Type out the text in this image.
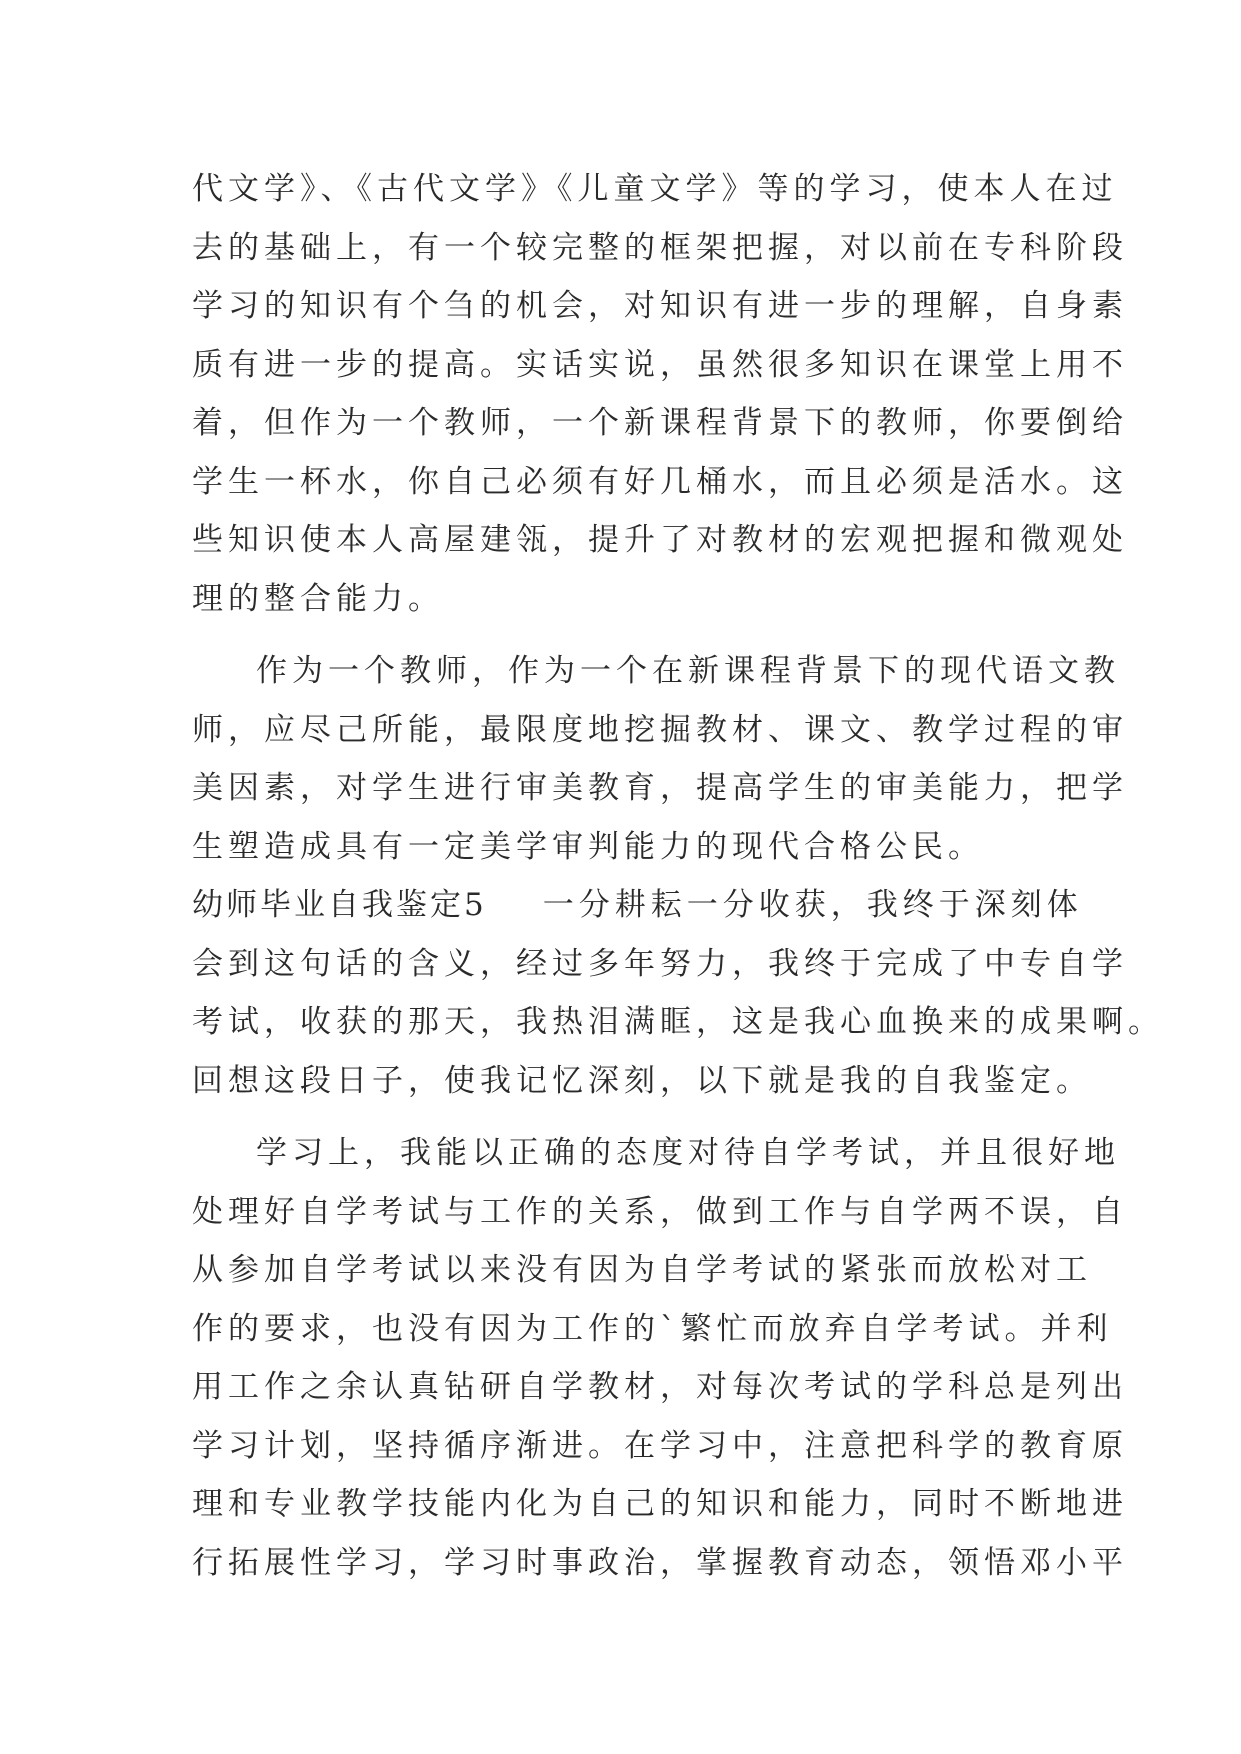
代文学》、《古代文学》《儿童文学》等的学习，使本人在过
去的基础上，有一个较完整的框架把握，对以前在专科阶段
学习的知识有个刍的机会，对知识有进一步的理解，自身素
质有进一步的提高。实话实说，虽然很多知识在课堂上用不
着，但作为一个教师，一个新课程背景下的教师，你要倒给
学生一杯水，你自己必须有好几桶水，而且必须是活水。这
些知识使本人高屋建瓴，提升了对教材的宏观把握和微观处
理的整合能力。
作为一个教师，作为一个在新课程背景下的现代语文教
师，应尽己所能，最限度地挖掘教材、课文、教学过程的审
美因素，对学生进行审美教育，提高学生的审美能力，把学
生塑造成具有一定美学审判能力的现代合格公民。
幼师毕业自我鉴定5 一分耕耘一分收获，我终于深刻体
会到这句话的含义，经过多年努力，我终于完成了中专自学
考试，收获的那天，我热泪满眶，这是我心血换来的成果啊。
回想这段日子，使我记忆深刻，以下就是我的自我鉴定。
学习上，我能以正确的态度对待自学考试，并且很好地
处理好自学考试与工作的关系，做到工作与自学两不误，自
从参加自学考试以来没有因为自学考试的紧张而放松对工
作的要求，也没有因为工作的`繁忙而放弃自学考试。并利
用工作之余认真钻研自学教材，对每次考试的学科总是列出
学习计划，坚持循序渐进。在学习中，注意把科学的教育原
理和专业教学技能内化为自己的知识和能力，同时不断地进
行拓展性学习，学习时事政治，掌握教育动态，领悟邓小平
